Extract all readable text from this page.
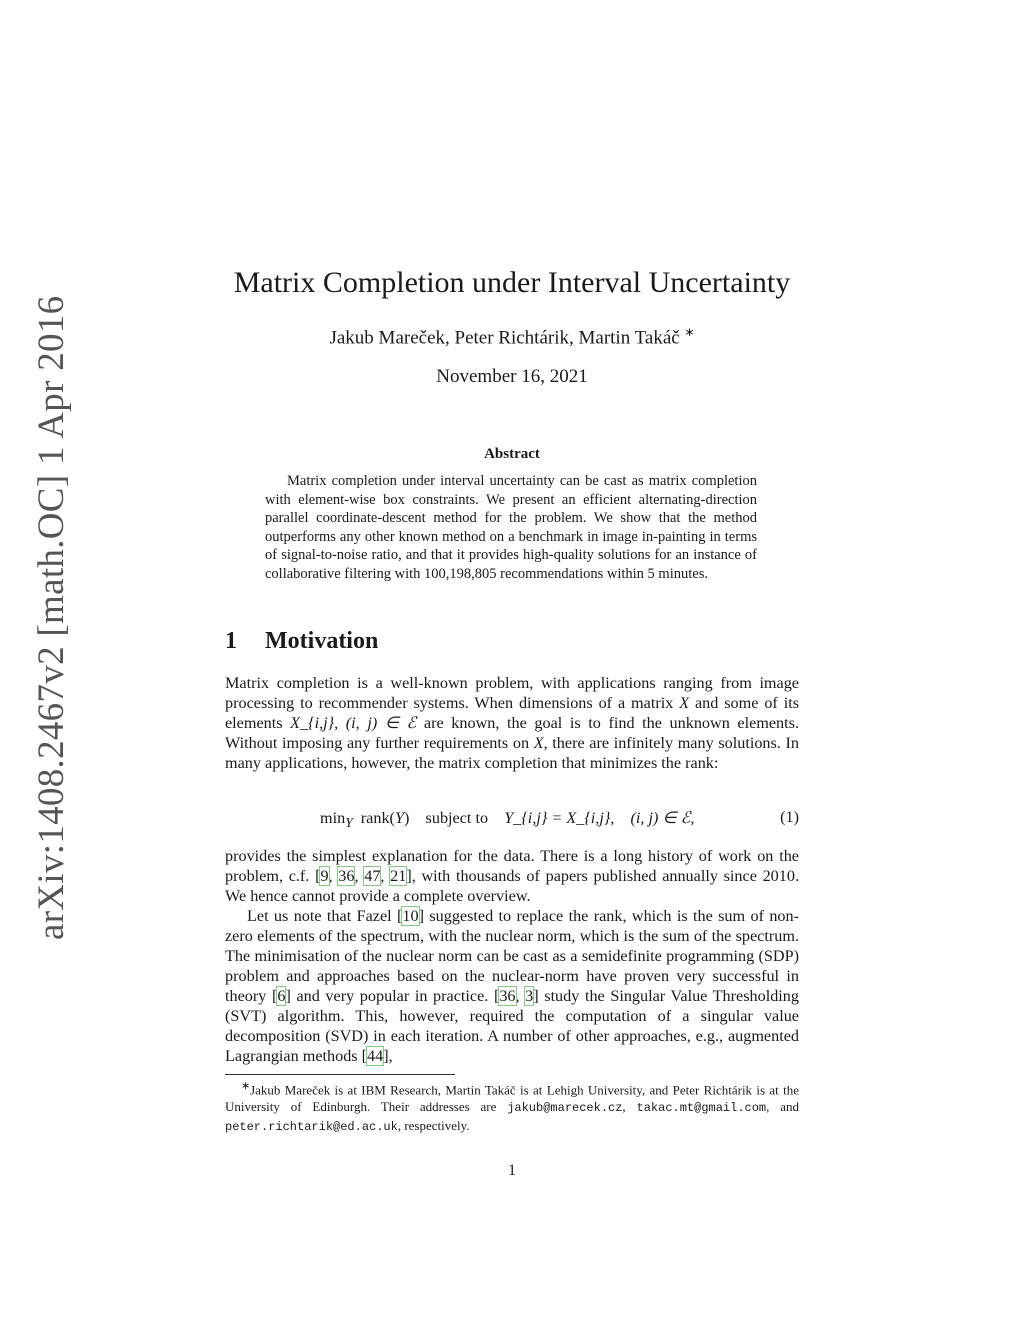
arXiv:1408.2467v2 [math.OC] 1 Apr 2016
Matrix Completion under Interval Uncertainty
Jakub Mareček, Peter Richtárik, Martin Takáč ∗
November 16, 2021
Abstract

Matrix completion under interval uncertainty can be cast as matrix completion with element-wise box constraints. We present an efficient alternating-direction parallel coordinate-descent method for the problem. We show that the method outperforms any other known method on a benchmark in image in-painting in terms of signal-to-noise ratio, and that it provides high-quality solutions for an instance of collaborative filtering with 100,198,805 recommendations within 5 minutes.

1 Motivation

Matrix completion is a well-known problem, with applications ranging from image processing to recommender systems. When dimensions of a matrix X and some of its elements X_{i,j}, (i, j) ∈ ℰ are known, the goal is to find the unknown elements. Without imposing any further requirements on X, there are infinitely many solutions. In many applications, however, the matrix completion that minimizes the rank:

$\min_Y$ rank(Y) subject to Y_{i,j} = X_{i,j}, (i, j) ∈ ℰ,	(1)

provides the simplest explanation for the data. There is a long history of work on the problem, c.f. [9, 36, 47, 21], with thousands of papers published annually since 2010. We hence cannot provide a complete overview.

Let us note that Fazel [10] suggested to replace the rank, which is the sum of non-zero elements of the spectrum, with the nuclear norm, which is the sum of the spectrum. The minimisation of the nuclear norm can be cast as a semidefinite programming (SDP) problem and approaches based on the nuclear-norm have proven very successful in theory [6] and very popular in practice. [36, 3] study the Singular Value Thresholding (SVT) algorithm. This, however, required the computation of a singular value decomposition (SVD) in each iteration. A number of other approaches, e.g., augmented Lagrangian methods [44],

∗Jakub Mareček is at IBM Research, Martin Takáč is at Lehigh University, and Peter Richtárik is at the University of Edinburgh. Their addresses are jakub@marecek.cz, takac.mt@gmail.com, and peter.richtarik@ed.ac.uk, respectively.

1
